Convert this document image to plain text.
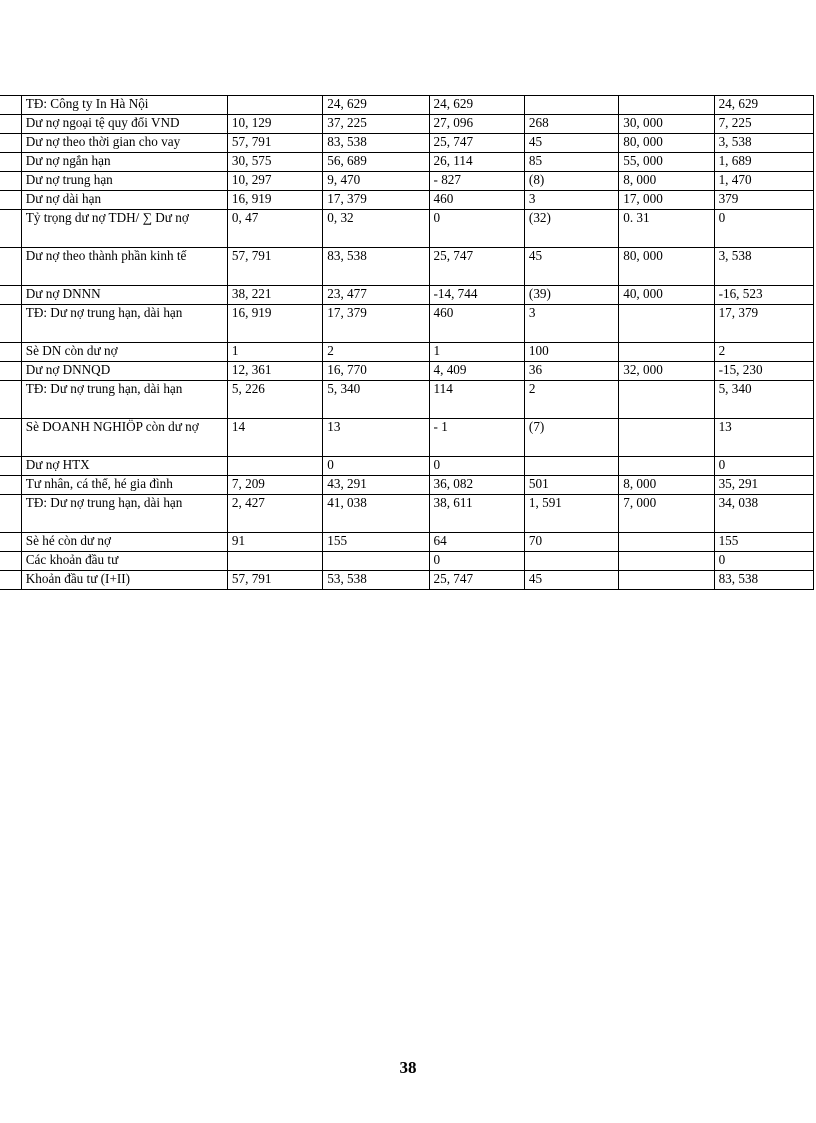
	TĐ: Công ty In Hà Nội		24, 629	24, 629			24, 629
	Dư nợ ngoại tệ quy đổi VND	10, 129	37, 225	27, 096	268	30, 000	7, 225
	Dư nợ theo thời gian cho vay	57, 791	83, 538	25, 747	45	80, 000	3, 538
	Dư nợ ngắn hạn	30, 575	56, 689	26, 114	85	55, 000	1, 689
	Dư nợ trung hạn	10, 297	9, 470	- 827	(8)	8, 000	1, 470
	Dư nợ dài hạn	16, 919	17, 379	460	3	17, 000	379
	Tỷ trọng dư nợ TDH/ ∑ Dư nợ	0, 47	0, 32	0	(32)	0. 31	0
	Dư nợ theo thành phần kinh tế	57, 791	83, 538	25, 747	45	80, 000	3, 538
	Dư nợ DNNN	38, 221	23, 477	-14, 744	(39)	40, 000	-16, 523
	TĐ: Dư nợ trung hạn, dài hạn	16, 919	17, 379	460	3		17, 379
	Sè DN còn dư nợ	1	2	1	100		2
	Dư nợ DNNQD	12, 361	16, 770	4, 409	36	32, 000	-15, 230
	TĐ: Dư nợ trung hạn, dài hạn	5, 226	5, 340	114	2		5, 340
	Sè DOANH NGHIÖP còn dư nợ	14	13	- 1	(7)		13
	Dư nợ HTX		0	0			0
	Tư nhân, cá thể, hé gia đình	7, 209	43, 291	36, 082	501	8, 000	35, 291
	TĐ: Dư nợ trung hạn, dài hạn	2, 427	41, 038	38, 611	1, 591	7, 000	34, 038
	Sè hé còn dư nợ	91	155	64	70		155
	Các khoản đầu tư			0			0
	Khoản đầu tư (I+II)	57, 791	53, 538	25, 747	45		83, 538
38
